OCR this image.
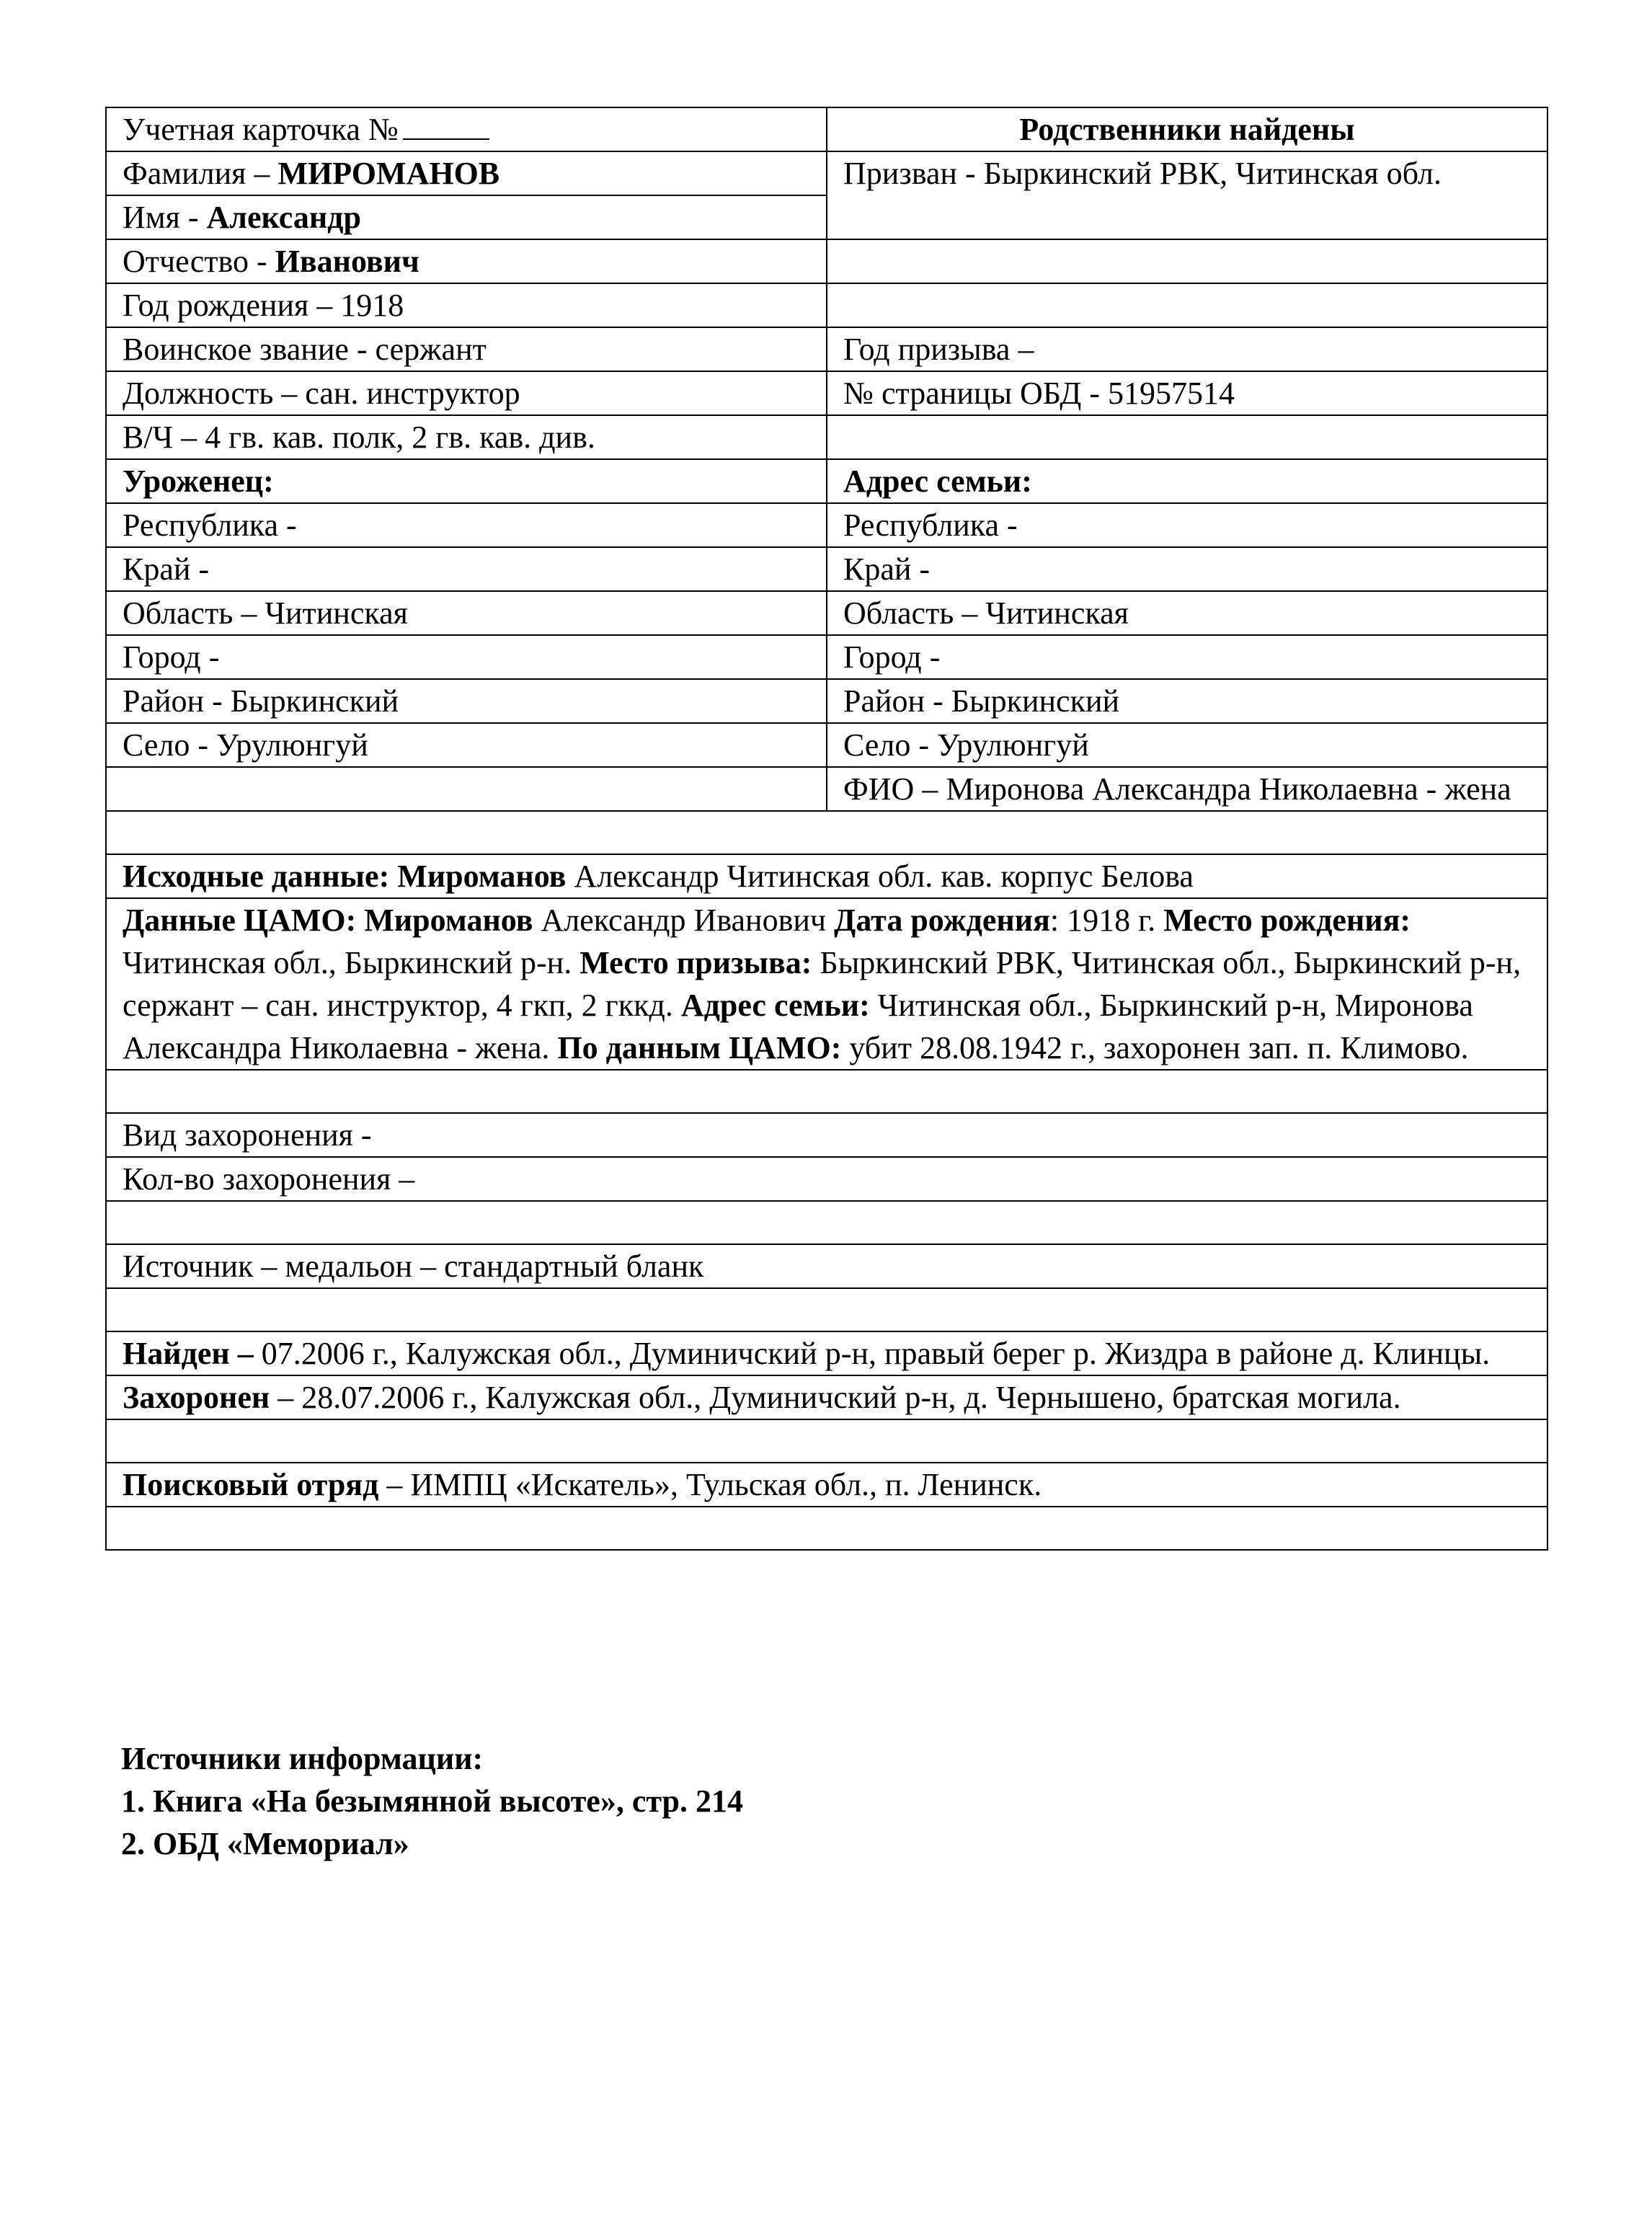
Учетная карточка №	Родственники найдены
Фамилия – МИРОМАНОВ	Призван - Быркинский РВК, Читинская обл.
Имя - Александр	
Отчество - Иванович	
Год рождения – 1918	
Воинское звание - сержант	Год призыва –
Должность – сан. инструктор	№ страницы ОБД - 51957514
В/Ч – 4 гв. кав. полк, 2 гв. кав. див.	
Уроженец:	Адрес семьи:
Республика -	Республика -
Край -	Край -
Область – Читинская	Область – Читинская
Город -	Город -
Район - Быркинский	Район - Быркинский
Село - Урулюнгуй	Село - Урулюнгуй
	ФИО – Миронова Александра Николаевна - жена

Исходные данные: Мироманов Александр Читинская обл. кав. корпус Белова	
Данные ЦАМО: Мироманов Александр Иванович Дата рождения: 1918 г. Место рождения: Читинская обл., Быркинский р-н. Место призыва: Быркинский РВК, Читинская обл., Быркинский р-н, сержант – сан. инструктор, 4 гкп, 2 гккд. Адрес семьи: Читинская обл., Быркинский р-н, Миронова Александра Николаевна - жена. По данным ЦАМО: убит 28.08.1942 г., захоронен зап. п. Климово.	

Вид захоронения -	
Кол-во захоронения –	

Источник – медальон – стандартный бланк	

Найден – 07.2006 г., Калужская обл., Думиничский р-н, правый берег р. Жиздра в районе д. Клинцы.	
Захоронен – 28.07.2006 г., Калужская обл., Думиничский р-н, д. Чернышено, братская могила.	

Поисковый отряд – ИМПЦ «Искатель», Тульская обл., п. Ленинск.	

Источники информации:
1. Книга «На безымянной высоте», стр. 214
2. ОБД «Мемориал»
